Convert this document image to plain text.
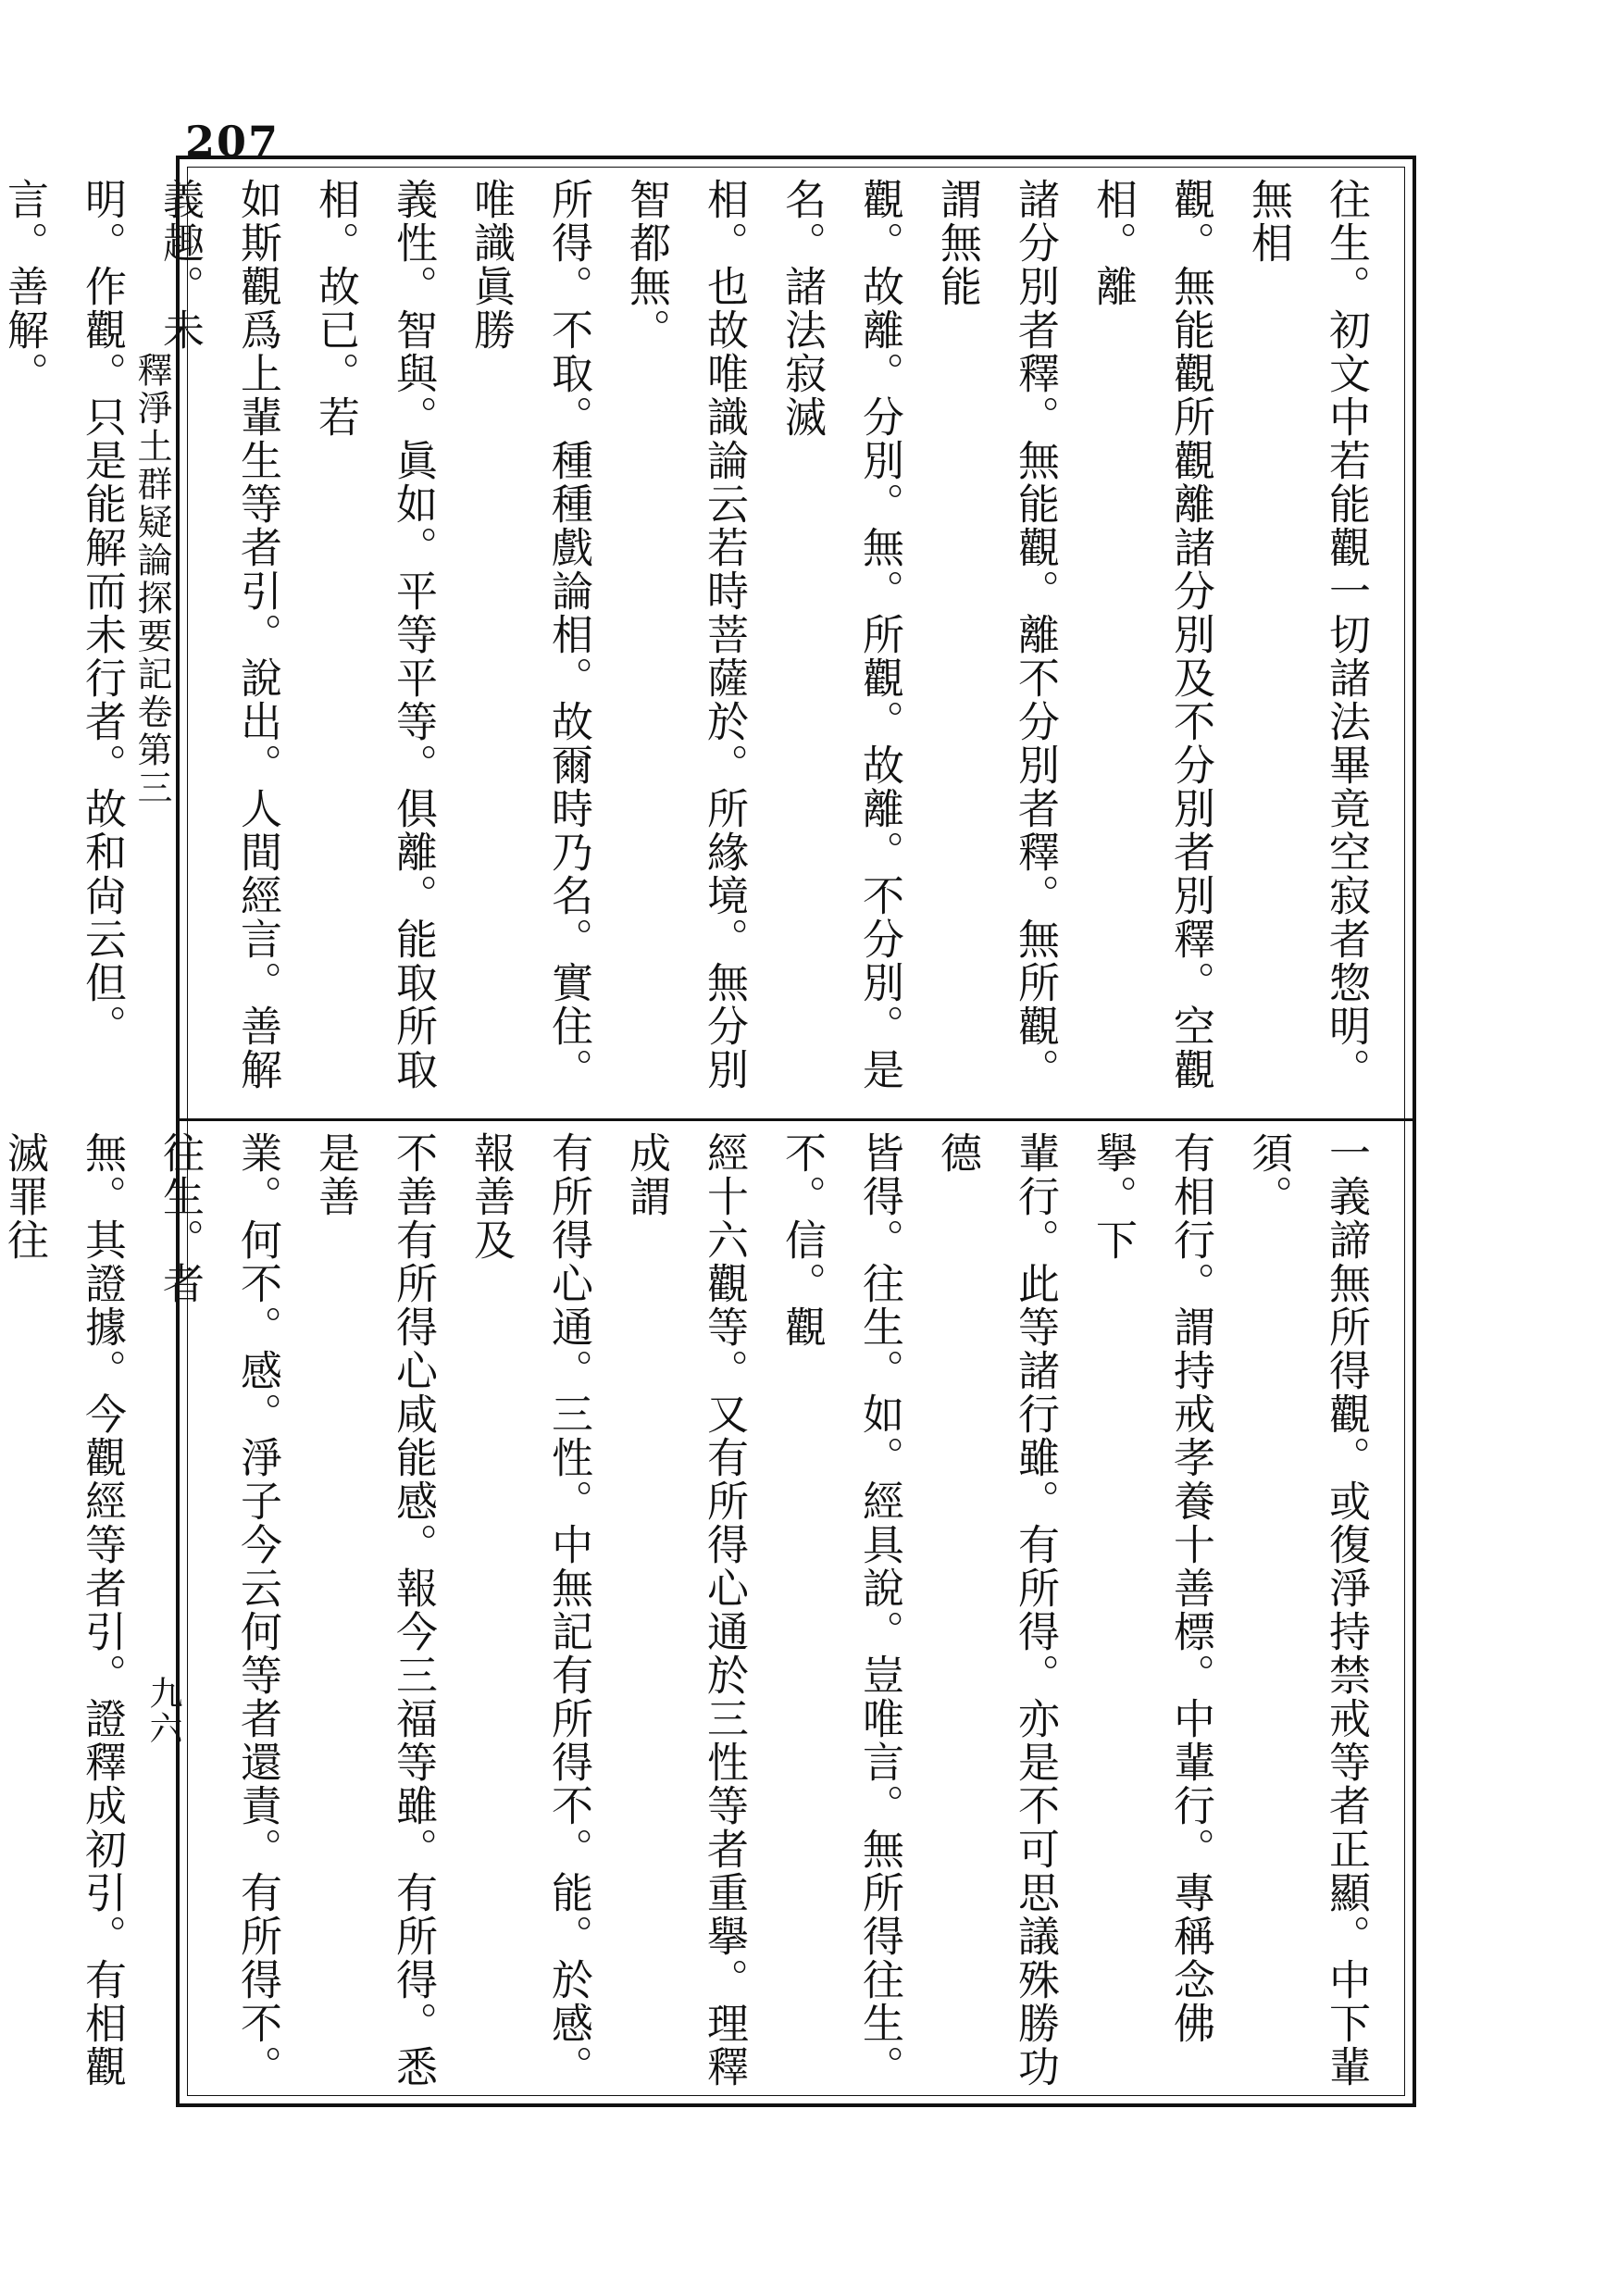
207
釋淨土群疑論探要記卷第三
九六
往生。初文中若能觀一切諸法畢竟空寂者惣明。無相
觀。無能觀所觀離諸分別及不分別者別釋。空觀相。離
諸分別者釋。無能觀。離不分別者釋。無所觀。謂無能
觀。故離。分別。無。所觀。故離。不分別。是名。諸法寂滅
相。也故唯識論云若時菩薩於。所緣境。無分別智都無。
所得。不取。種種戲論相。故爾時乃名。實住。唯識眞勝
義性。智與。眞如。平等平等。俱離。能取所取相。故已。若
如斯觀爲上輩生等者引。說出。人間經言。善解義趣。未
明。作觀。只是能解而未行者。故和尙云但。言。善解。
一義諦無所得觀。或復淨持禁戒等者正顯。中下輩須。
有相行。謂持戒孝養十善標。中輩行。專稱念佛擧。下
輩行。此等諸行雖。有所得。亦是不可思議殊勝功德
皆得。往生。如。經具說。豈唯言。無所得往生。不。信。觀
經十六觀等。又有所得心通於三性等者重擧。理釋成謂
有所得心通。三性。中無記有所得不。能。於感。報善及
不善有所得心咸能感。報今三福等雖。有所得。悉是善
業。何不。感。淨子今云何等者還責。有所得不。往生。者
無。其證據。今觀經等者引。證釋成初引。有相觀滅罪往
